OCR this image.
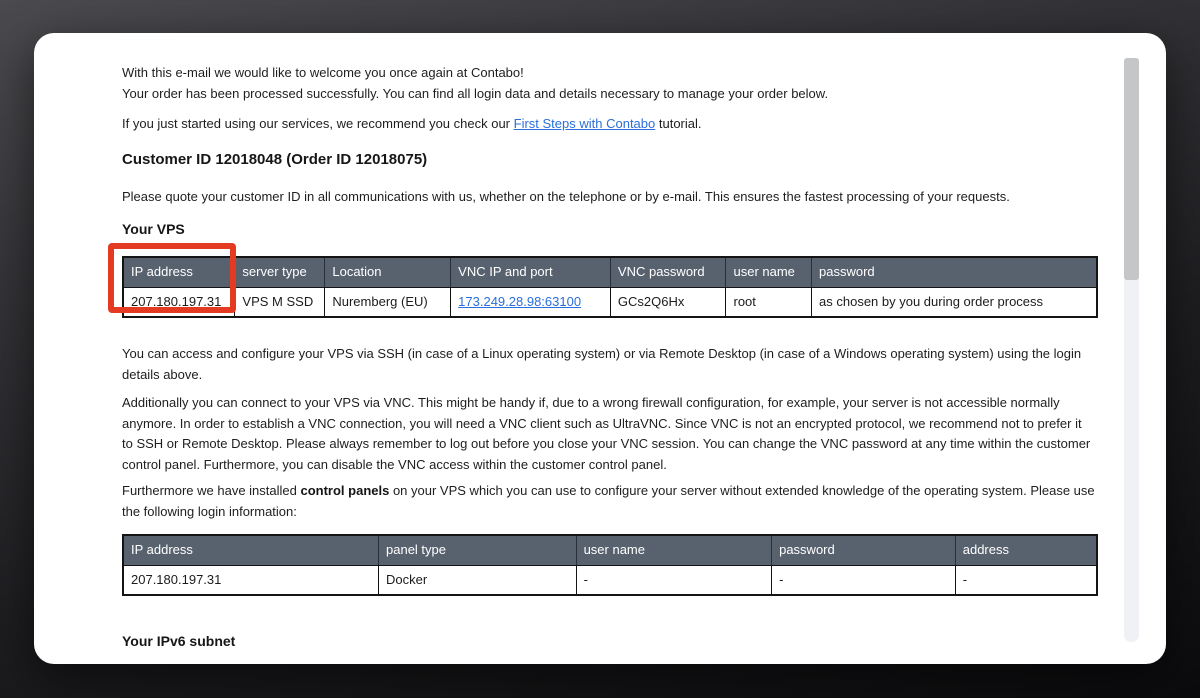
With this e-mail we would like to welcome you once again at Contabo!
Your order has been processed successfully. You can find all login data and details necessary to manage your order below.

If you just started using our services, we recommend you check our First Steps with Contabo tutorial.

Customer ID 12018048 (Order ID 12018075)

Please quote your customer ID in all communications with us, whether on the telephone or by e-mail. This ensures the fastest processing of your requests.

Your VPS
IP address	server type	Location	VNC IP and port	VNC password	user name	password
207.180.197.31	VPS M SSD	Nuremberg (EU)	173.249.28.98:63100	GCs2Q6Hx	root	as chosen by you during order process

You can access and configure your VPS via SSH (in case of a Linux operating system) or via Remote Desktop (in case of a Windows operating system) using the login details above.

Additionally you can connect to your VPS via VNC. This might be handy if, due to a wrong firewall configuration, for example, your server is not accessible normally anymore. In order to establish a VNC connection, you will need a VNC client such as UltraVNC. Since VNC is not an encrypted protocol, we recommend not to prefer it to SSH or Remote Desktop. Please always remember to log out before you close your VNC session. You can change the VNC password at any time within the customer control panel. Furthermore, you can disable the VNC access within the customer control panel.

Furthermore we have installed control panels on your VPS which you can use to configure your server without extended knowledge of the operating system. Please use the following login information:

IP address	panel type	user name	password	address
207.180.197.31	Docker	-	-	-
Your IPv6 subnet
